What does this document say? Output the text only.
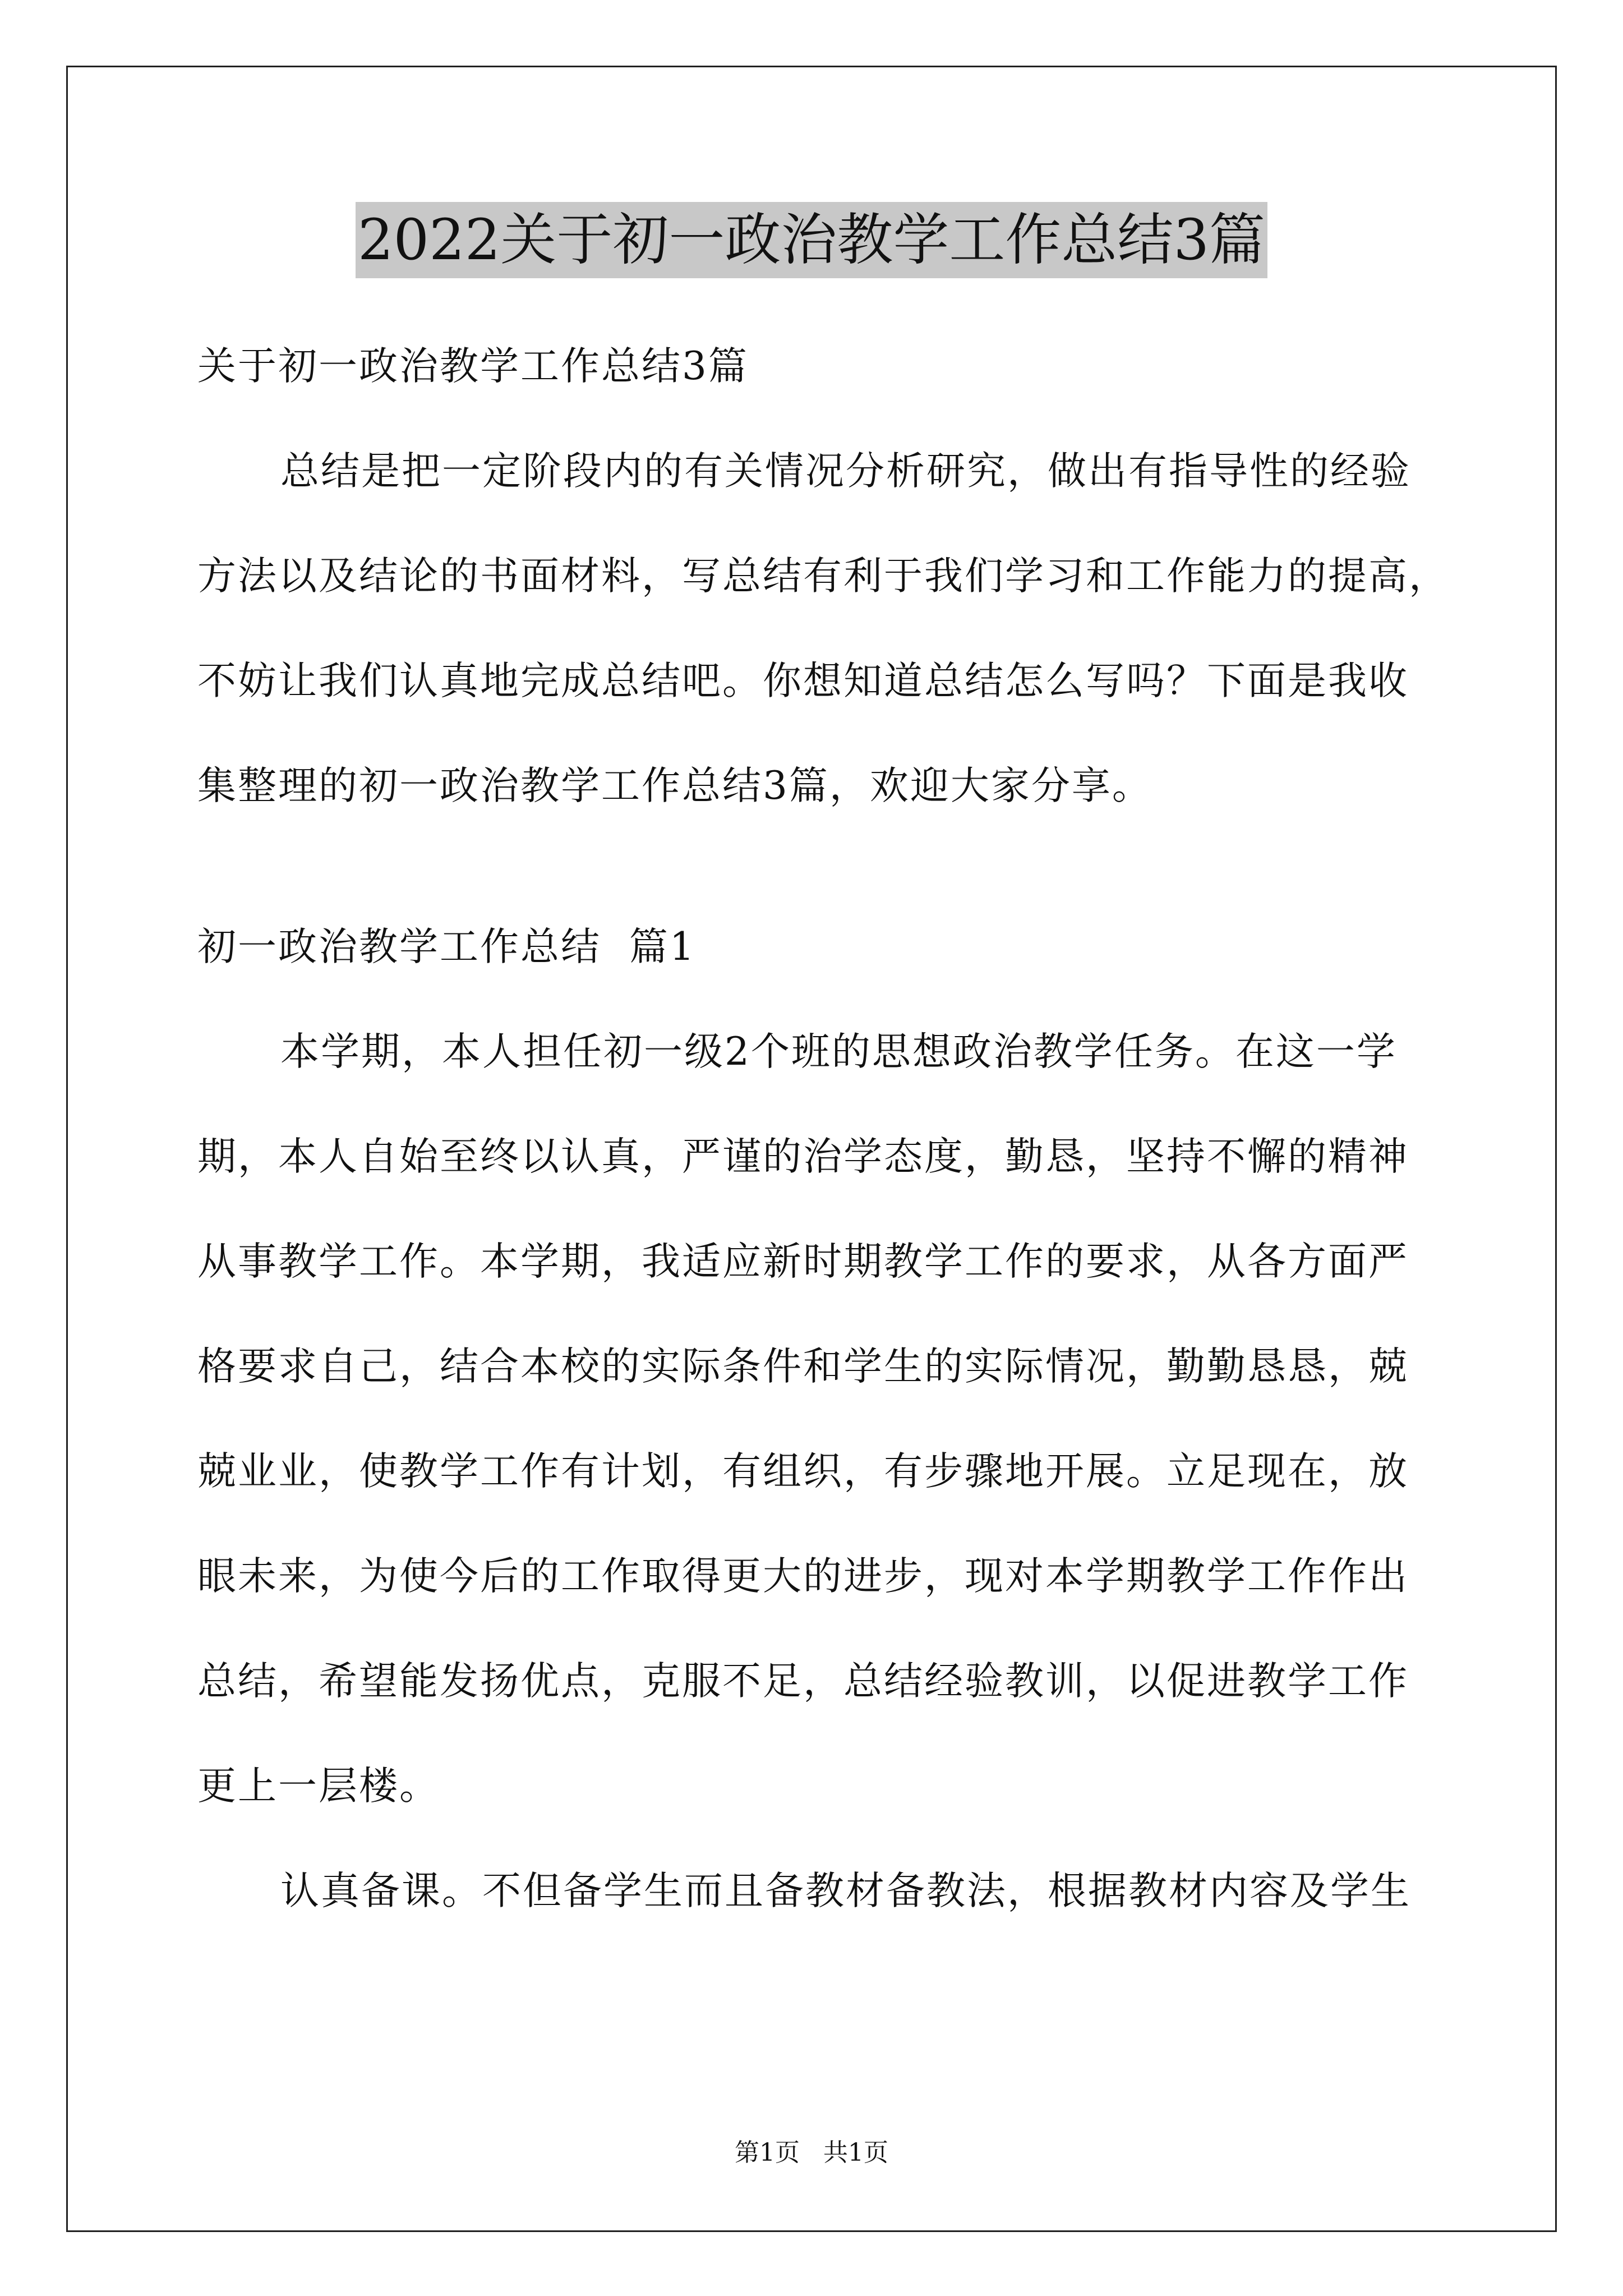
2022关于初一政治教学工作总结3篇
关于初一政治教学工作总结3篇
总结是把一定阶段内的有关情况分析研究，做出有指导性的经验
方法以及结论的书面材料，写总结有利于我们学习和工作能力的提高，
不妨让我们认真地完成总结吧。你想知道总结怎么写吗？下面是我收
集整理的初一政治教学工作总结3篇，欢迎大家分享。
初一政治教学工作总结  篇1
本学期，本人担任初一级2个班的思想政治教学任务。在这一学
期，本人自始至终以认真，严谨的治学态度，勤恳，坚持不懈的精神
从事教学工作。本学期，我适应新时期教学工作的要求，从各方面严
格要求自己，结合本校的实际条件和学生的实际情况，勤勤恳恳，兢
兢业业，使教学工作有计划，有组织，有步骤地开展。立足现在，放
眼未来，为使今后的工作取得更大的进步，现对本学期教学工作作出
总结，希望能发扬优点，克服不足，总结经验教训，以促进教学工作
更上一层楼。
认真备课。不但备学生而且备教材备教法，根据教材内容及学生
第1页   共1页
